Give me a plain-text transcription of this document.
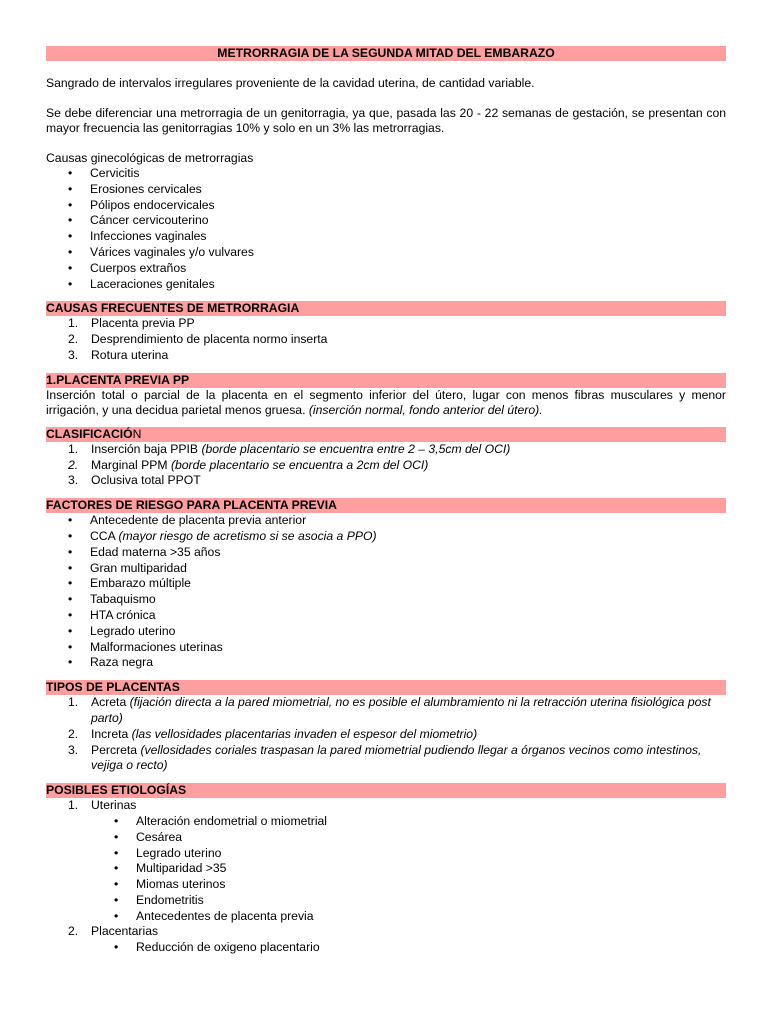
METRORRAGIA DE LA SEGUNDA MITAD DEL EMBARAZO
Sangrado de intervalos irregulares proveniente de la cavidad uterina, de cantidad variable.
Se debe diferenciar una metrorragia de un genitorragia, ya que, pasada las 20 - 22 semanas de gestación, se presentan con mayor frecuencia las genitorragias 10% y solo en un 3% las metrorragias.
Causas ginecológicas de metrorragias
• Cervicitis
• Erosiones cervicales
• Pólipos endocervicales
• Cáncer cervicouterino
• Infecciones vaginales
• Várices vaginales y/o vulvares
• Cuerpos extraños
• Laceraciones genitales
CAUSAS FRECUENTES DE METRORRAGIA
1. Placenta previa PP
2. Desprendimiento de placenta normo inserta
3. Rotura uterina
1.PLACENTA PREVIA PP
Inserción total o parcial de la placenta en el segmento inferior del útero, lugar con menos fibras musculares y menor irrigación, y una decidua parietal menos gruesa. (inserción normal, fondo anterior del útero).
CLASIFICACIÓN
1. Inserción baja PPIB (borde placentario se encuentra entre 2 – 3,5cm del OCI)
2. Marginal PPM (borde placentario se encuentra a 2cm del OCI)
3. Oclusiva total PPOT
FACTORES DE RIESGO PARA PLACENTA PREVIA
• Antecedente de placenta previa anterior
• CCA (mayor riesgo de acretismo si se asocia a PPO)
• Edad materna >35 años
• Gran multiparidad
• Embarazo múltiple
• Tabaquismo
• HTA crónica
• Legrado uterino
• Malformaciones uterinas
• Raza negra
TIPOS DE PLACENTAS
1. Acreta (fijación directa a la pared miometrial, no es posible el alumbramiento ni la retracción uterina fisiológica post parto)
2. Increta (las vellosidades placentarias invaden el espesor del miometrio)
3. Percreta (vellosidades coriales traspasan la pared miometrial pudiendo llegar a órganos vecinos como intestinos, vejiga o recto)
POSIBLES ETIOLOGÍAS
1. Uterinas
• Alteración endometrial o miometrial
• Cesárea
• Legrado uterino
• Multiparidad >35
• Miomas uterinos
• Endometritis
• Antecedentes de placenta previa
2. Placentarias
• Reducción de oxigeno placentario
